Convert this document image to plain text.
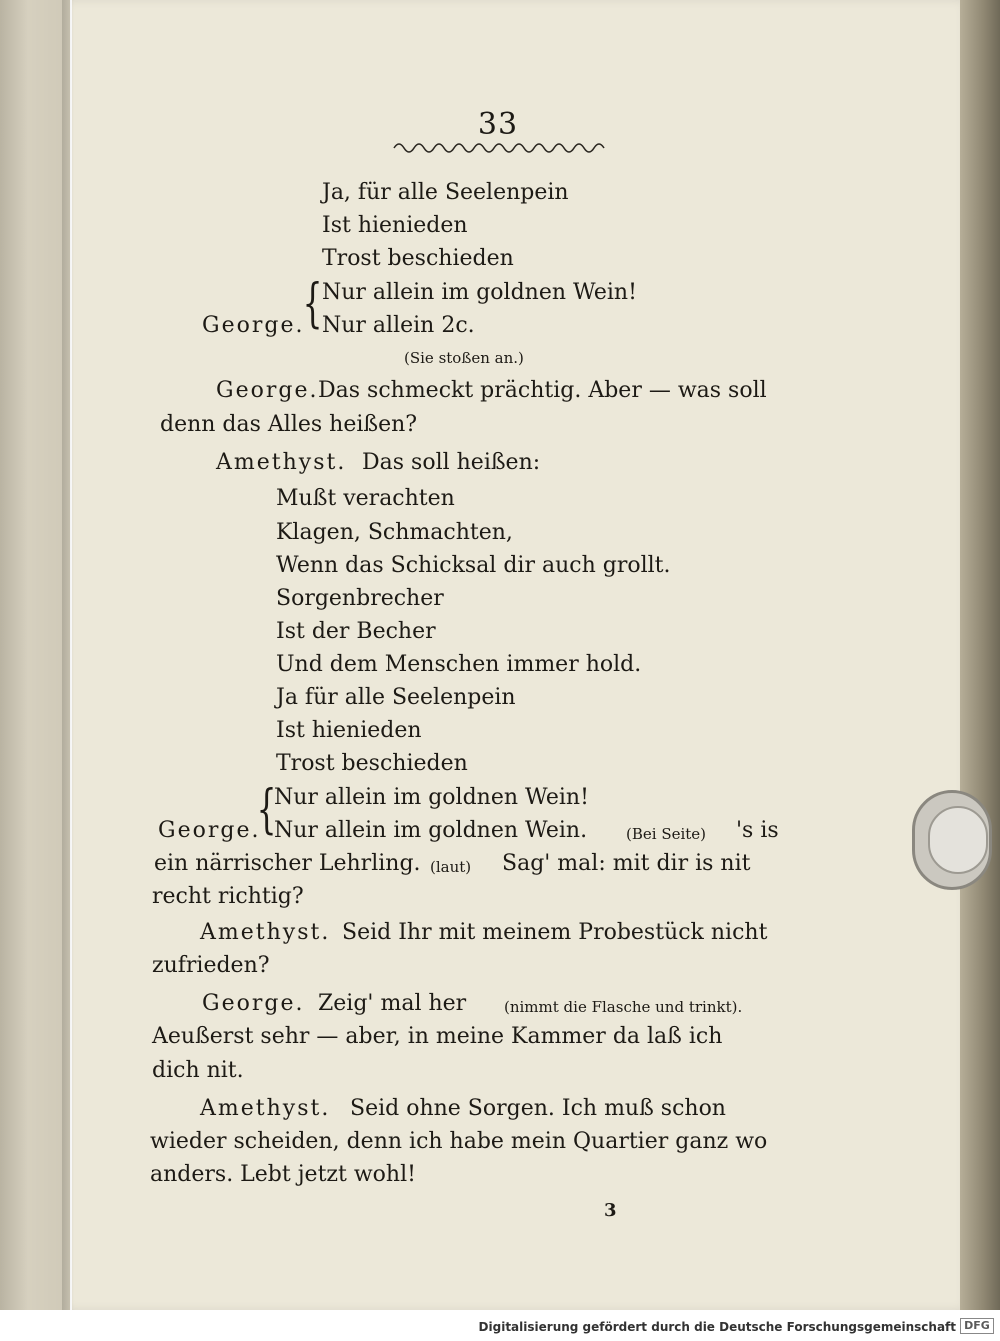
33
Ja, für alle Seelenpein
Ist hienieden
Trost beschieden
{ Nur allein im goldnen Wein!
George. Nur allein 2c.
(Sie stoßen an.)
George. Das schmeckt prächtig. Aber — was soll
denn das Alles heißen?
Amethyst. Das soll heißen:
Mußt verachten
Klagen, Schmachten,
Wenn das Schicksal dir auch grollt.
Sorgenbrecher
Ist der Becher
Und dem Menschen immer hold.
Ja für alle Seelenpein
Ist hienieden
Trost beschieden
{
Nur allein im goldnen Wein!
George. Nur allein im goldnen Wein.	(Bei Seite) 's is
ein närrischer Lehrling. (laut) Sag' mal: mit dir is nit
recht richtig?
Amethyst. Seid Ihr mit meinem Probestück nicht
zufrieden?
George. Zeig' mal her	(nimmt die Flasche und trinkt).
Aeußerst sehr — aber, in meine Kammer da laß ich
dich nit.
Amethyst. Seid ohne Sorgen. Ich muß schon
wieder scheiden, denn ich habe mein Quartier ganz wo
anders. Lebt jetzt wohl!
3
Digitalisierung gefördert durch die Deutsche Forschungsgemeinschaft DFG
